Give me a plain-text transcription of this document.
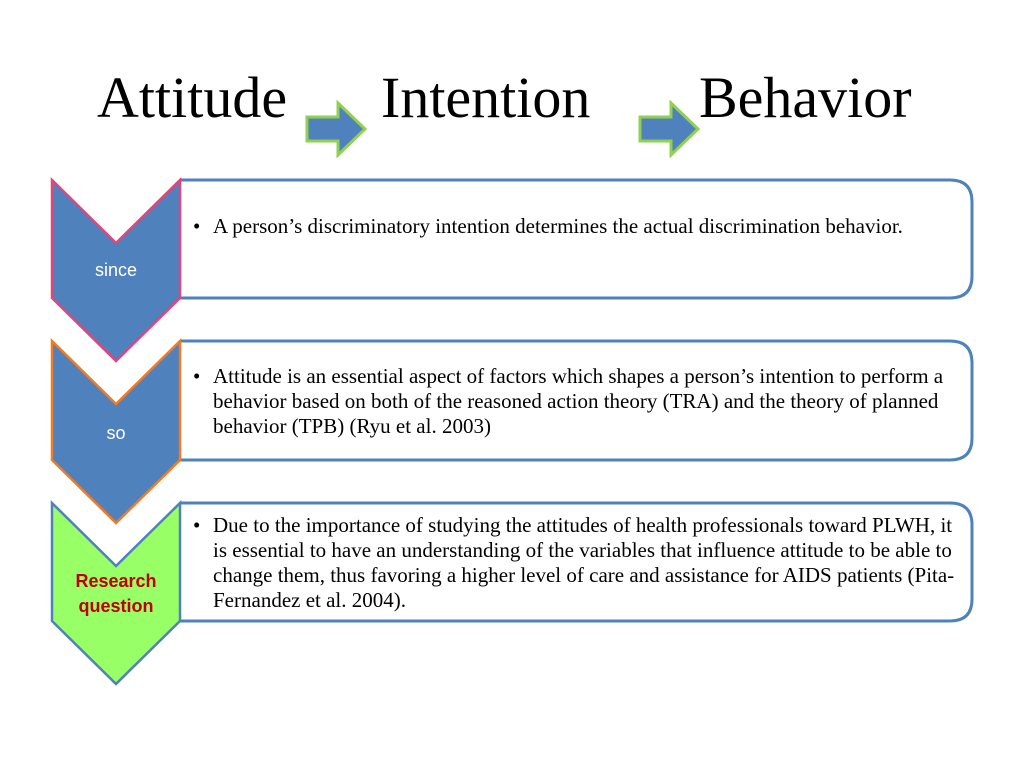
Attitude Intention Behavior
since
so
Research question
• A person’s discriminatory intention determines the actual discrimination behavior.
• Attitude is an essential aspect of factors which shapes a person’s intention to perform a behavior based on both of the reasoned action theory (TRA) and the theory of planned behavior (TPB) (Ryu et al. 2003)
• Due to the importance of studying the attitudes of health professionals toward PLWH, it is essential to have an understanding of the variables that influence attitude to be able to change them, thus favoring a higher level of care and assistance for AIDS patients (Pita-Fernandez et al. 2004).
